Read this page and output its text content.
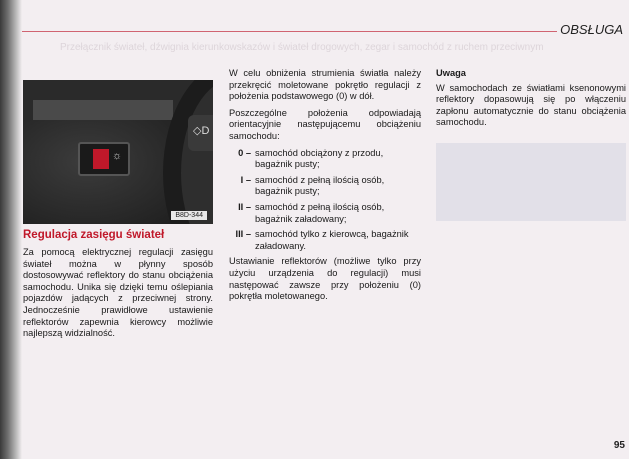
OBSŁUGA
Przełącznik świateł, dźwignia kierunkowskazów i świateł drogowych, zegar i samochód z ruchem przeciwnym
◇D
☼
B8D-344
Regulacja zasięgu świateł

Za pomocą elektrycznej regulacji zasięgu świateł można w płynny sposób dostosowywać reflektory do stanu obciążenia samochodu. Unika się dzięki temu oślepiania pojazdów jadących z przeciwnej strony. Jednocześnie prawidłowe ustawienie reflektorów zapewnia kierowcy możliwie najlepszą widzialność.

W celu obniżenia strumienia światła należy przekręcić moletowane pokrętło regulacji z położenia podstawowego (0) w dół.

Poszczególne położenia odpowiadają orientacyjnie następującemu obciążeniu samochodu:

0 – samochód obciążony z przodu, bagażnik pusty;
I – samochód z pełną ilością osób, bagażnik pusty;
II – samochód z pełną ilością osób, bagażnik załadowany;
III – samochód tylko z kierowcą, bagażnik załadowany.

Ustawianie reflektorów (możliwe tylko przy użyciu urządzenia do regulacji) musi następować zawsze przy położeniu (0) pokrętła moletowanego.

Uwaga

W samochodach ze światłami ksenonowymi reflektory dopasowują się po włączeniu zapłonu automatycznie do stanu obciążenia samochodu.

95
